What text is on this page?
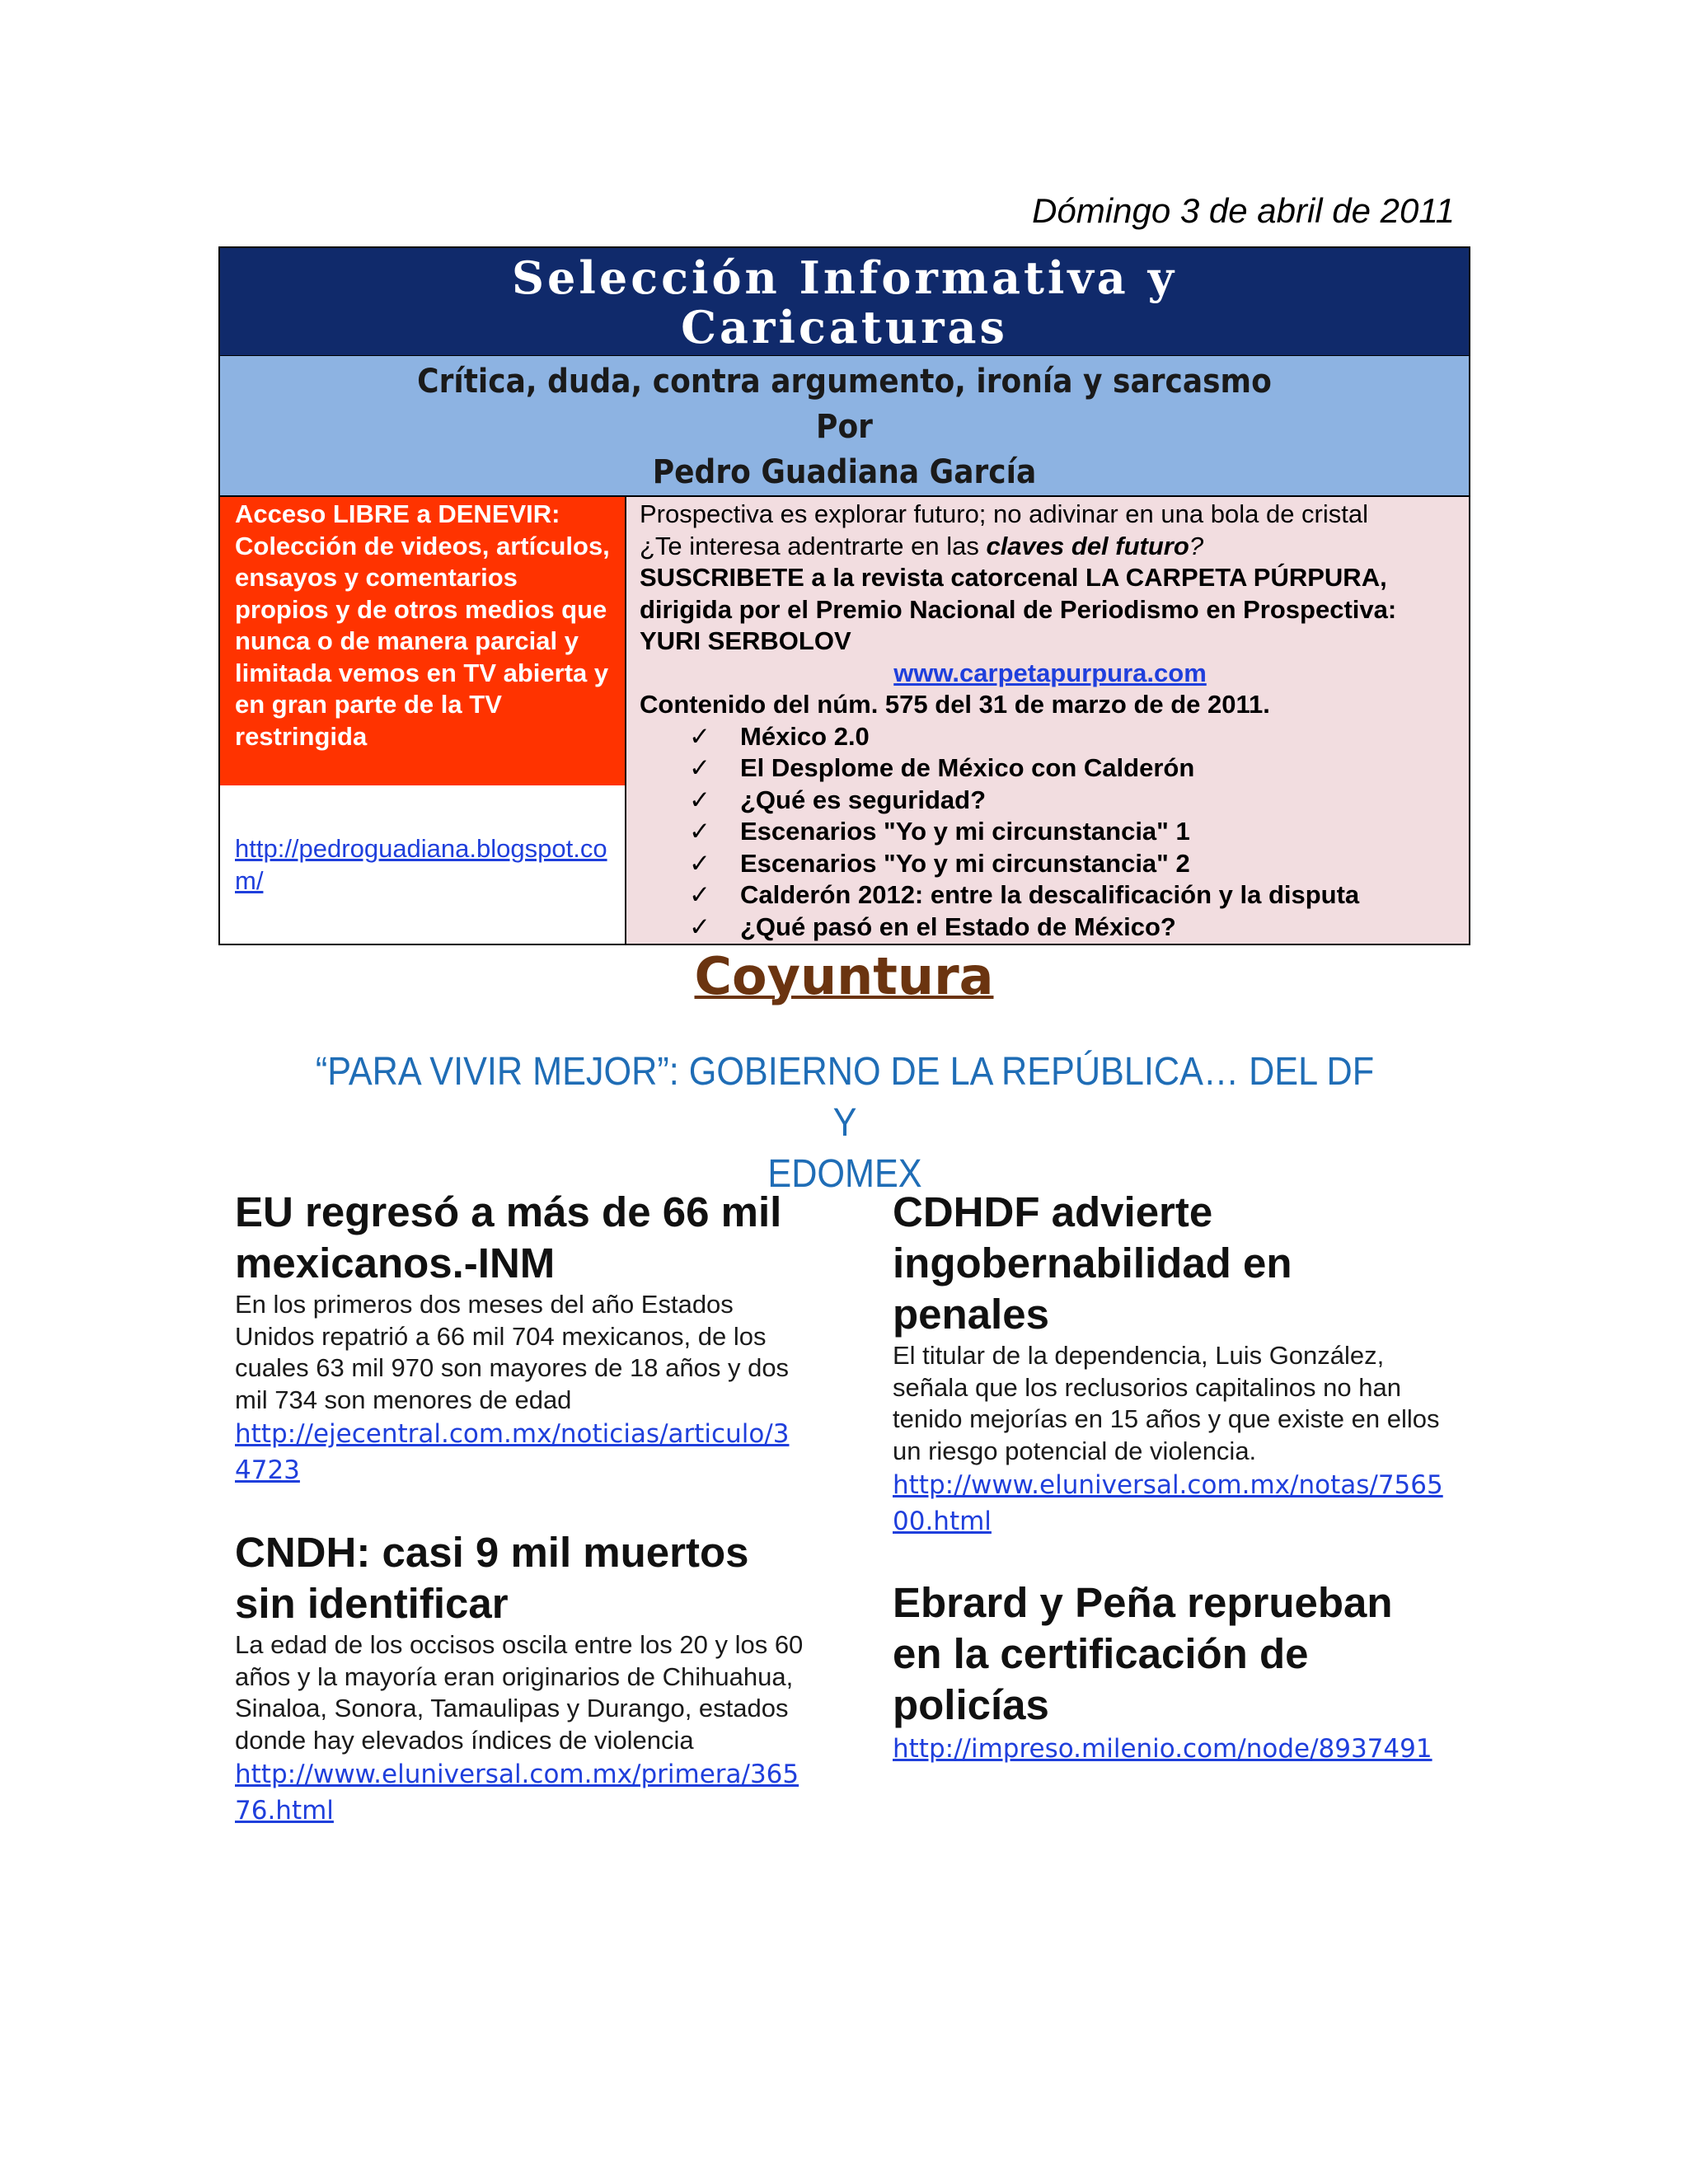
Dómingo 3 de abril de 2011
Selección Informativa y
Caricaturas
Crítica, duda, contra argumento, ironía y sarcasmo
Por
Pedro Guadiana García
Acceso LIBRE a DENEVIR: Colección de videos, artículos, ensayos y comentarios propios y de otros medios que nunca o de manera parcial y limitada vemos en TV abierta y en gran parte de la TV restringida
http://pedroguadiana.blogspot.com/
Prospectiva es explorar futuro; no adivinar en una bola de cristal
¿Te interesa adentrarte en las claves del futuro?
SUSCRIBETE a la revista catorcenal LA CARPETA PÚRPURA, dirigida por el Premio Nacional de Periodismo en Prospectiva: YURI SERBOLOV
www.carpetapurpura.com
Contenido del núm. 575 del 31 de marzo de de 2011.
✓	México 2.0
✓	El Desplome de México con Calderón
✓	¿Qué es seguridad?
✓	Escenarios "Yo y mi circunstancia" 1
✓	Escenarios "Yo y mi circunstancia" 2
✓	Calderón 2012: entre la descalificación y la disputa
✓	¿Qué pasó en el Estado de México?
Coyuntura
“PARA VIVIR MEJOR”: GOBIERNO DE LA REPÚBLICA… DEL DF Y
EDOMEX
EU regresó a más de 66 mil mexicanos.-INM

En los primeros dos meses del año Estados Unidos repatrió a 66 mil 704 mexicanos, de los cuales 63 mil 970 son mayores de 18 años y dos mil 734 son menores de edad

http://ejecentral.com.mx/noticias/articulo/34723
CDHDF advierte ingobernabilidad en penales

El titular de la dependencia, Luis González, señala que los reclusorios capitalinos no han tenido mejorías en 15 años y que existe en ellos un riesgo potencial de violencia.

http://www.eluniversal.com.mx/notas/756500.html
CNDH: casi 9 mil muertos sin identificar

La edad de los occisos oscila entre los 20 y los 60 años y la mayoría eran originarios de Chihuahua, Sinaloa, Sonora, Tamaulipas y Durango, estados donde hay elevados índices de violencia

http://www.eluniversal.com.mx/primera/36576.html
Ebrard y Peña reprueban en la certificación de policías
http://impreso.milenio.com/node/8937491
